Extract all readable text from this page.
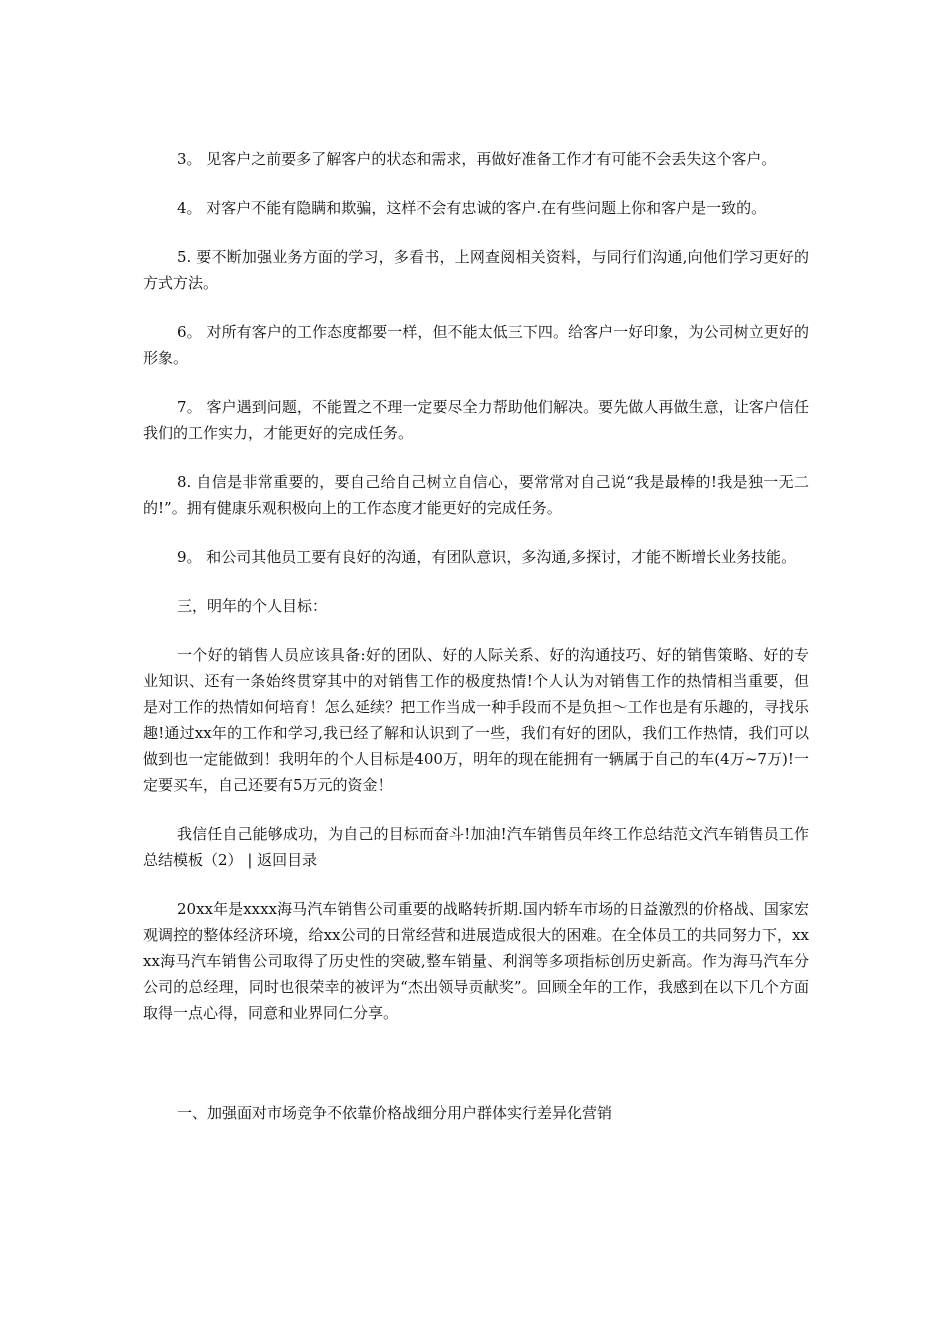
3。 见客户之前要多了解客户的状态和需求，再做好准备工作才有可能不会丢失这个客户。

4。 对客户不能有隐瞒和欺骗，这样不会有忠诚的客户.在有些问题上你和客户是一致的。

5. 要不断加强业务方面的学习，多看书，上网查阅相关资料，与同行们沟通,向他们学习更好的方式方法。

6。 对所有客户的工作态度都要一样，但不能太低三下四。给客户一好印象，为公司树立更好的形象。

7。 客户遇到问题，不能置之不理一定要尽全力帮助他们解决。要先做人再做生意，让客户信任我们的工作实力，才能更好的完成任务。

8. 自信是非常重要的，要自己给自己树立自信心，要常常对自己说“我是最棒的!我是独一无二的!”。拥有健康乐观积极向上的工作态度才能更好的完成任务。

9。 和公司其他员工要有良好的沟通，有团队意识，多沟通,多探讨，才能不断增长业务技能。

三，明年的个人目标：

一个好的销售人员应该具备:好的团队、好的人际关系、好的沟通技巧、好的销售策略、好的专业知识、还有一条始终贯穿其中的对销售工作的极度热情!个人认为对销售工作的热情相当重要，但是对工作的热情如何培育！怎么延续？把工作当成一种手段而不是负担～工作也是有乐趣的，寻找乐趣!通过xx年的工作和学习,我已经了解和认识到了一些，我们有好的团队，我们工作热情，我们可以做到也一定能做到！我明年的个人目标是400万，明年的现在能拥有一辆属于自己的车(4万~7万)!一定要买车，自己还要有5万元的资金！

我信任自己能够成功，为自己的目标而奋斗!加油!汽车销售员年终工作总结范文汽车销售员工作总结模板（2） | 返回目录

20xx年是xxxx海马汽车销售公司重要的战略转折期.国内轿车市场的日益激烈的价格战、国家宏观调控的整体经济环境，给xx公司的日常经营和进展造成很大的困难。在全体员工的共同努力下，xxxx海马汽车销售公司取得了历史性的突破,整车销量、利润等多项指标创历史新高。作为海马汽车分公司的总经理，同时也很荣幸的被评为“杰出领导贡献奖”。回顾全年的工作，我感到在以下几个方面取得一点心得，同意和业界同仁分享。

一、加强面对市场竞争不依靠价格战细分用户群体实行差异化营销
